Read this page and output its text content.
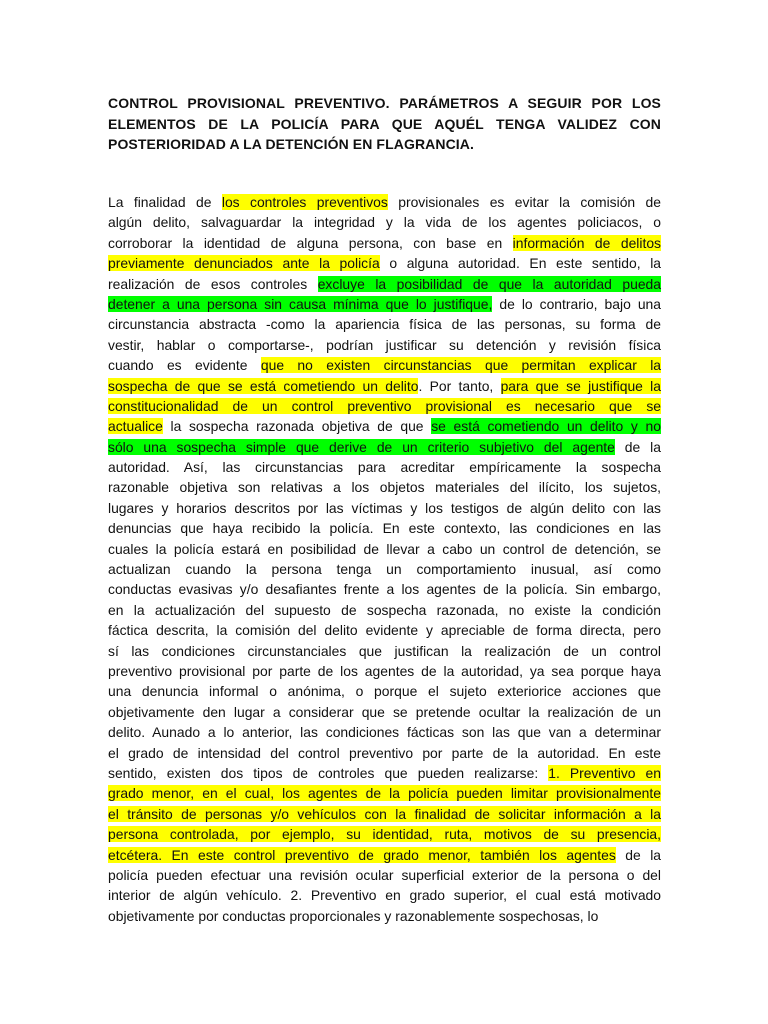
CONTROL PROVISIONAL PREVENTIVO. PARÁMETROS A SEGUIR POR LOS ELEMENTOS DE LA POLICÍA PARA QUE AQUÉL TENGA VALIDEZ CON POSTERIORIDAD A LA DETENCIÓN EN FLAGRANCIA.
La finalidad de los controles preventivos provisionales es evitar la comisión de
algún delito, salvaguardar la integridad y la vida de los agentes policiacos, o
corroborar la identidad de alguna persona, con base en información de delitos
previamente denunciados ante la policía o alguna autoridad. En este sentido, la
realización de esos controles excluye la posibilidad de que la autoridad pueda
detener a una persona sin causa mínima que lo justifique, de lo contrario, bajo una
circunstancia abstracta -como la apariencia física de las personas, su forma de
vestir, hablar o comportarse-, podrían justificar su detención y revisión física
cuando es evidente que no existen circunstancias que permitan explicar la
sospecha de que se está cometiendo un delito. Por tanto, para que se justifique la
constitucionalidad de un control preventivo provisional es necesario que se
actualice la sospecha razonada objetiva de que se está cometiendo un delito y no
sólo una sospecha simple que derive de un criterio subjetivo del agente de la
autoridad. Así, las circunstancias para acreditar empíricamente la sospecha
razonable objetiva son relativas a los objetos materiales del ilícito, los sujetos,
lugares y horarios descritos por las víctimas y los testigos de algún delito con las
denuncias que haya recibido la policía. En este contexto, las condiciones en las
cuales la policía estará en posibilidad de llevar a cabo un control de detención, se
actualizan cuando la persona tenga un comportamiento inusual, así como
conductas evasivas y/o desafiantes frente a los agentes de la policía. Sin embargo,
en la actualización del supuesto de sospecha razonada, no existe la condición
fáctica descrita, la comisión del delito evidente y apreciable de forma directa, pero
sí las condiciones circunstanciales que justifican la realización de un control
preventivo provisional por parte de los agentes de la autoridad, ya sea porque haya
una denuncia informal o anónima, o porque el sujeto exteriorice acciones que
objetivamente den lugar a considerar que se pretende ocultar la realización de un
delito. Aunado a lo anterior, las condiciones fácticas son las que van a determinar
el grado de intensidad del control preventivo por parte de la autoridad. En este
sentido, existen dos tipos de controles que pueden realizarse: 1. Preventivo en
grado menor, en el cual, los agentes de la policía pueden limitar provisionalmente
el tránsito de personas y/o vehículos con la finalidad de solicitar información a la
persona controlada, por ejemplo, su identidad, ruta, motivos de su presencia,
etcétera. En este control preventivo de grado menor, también los agentes de la
policía pueden efectuar una revisión ocular superficial exterior de la persona o del
interior de algún vehículo. 2. Preventivo en grado superior, el cual está motivado
objetivamente por conductas proporcionales y razonablemente sospechosas, lo
